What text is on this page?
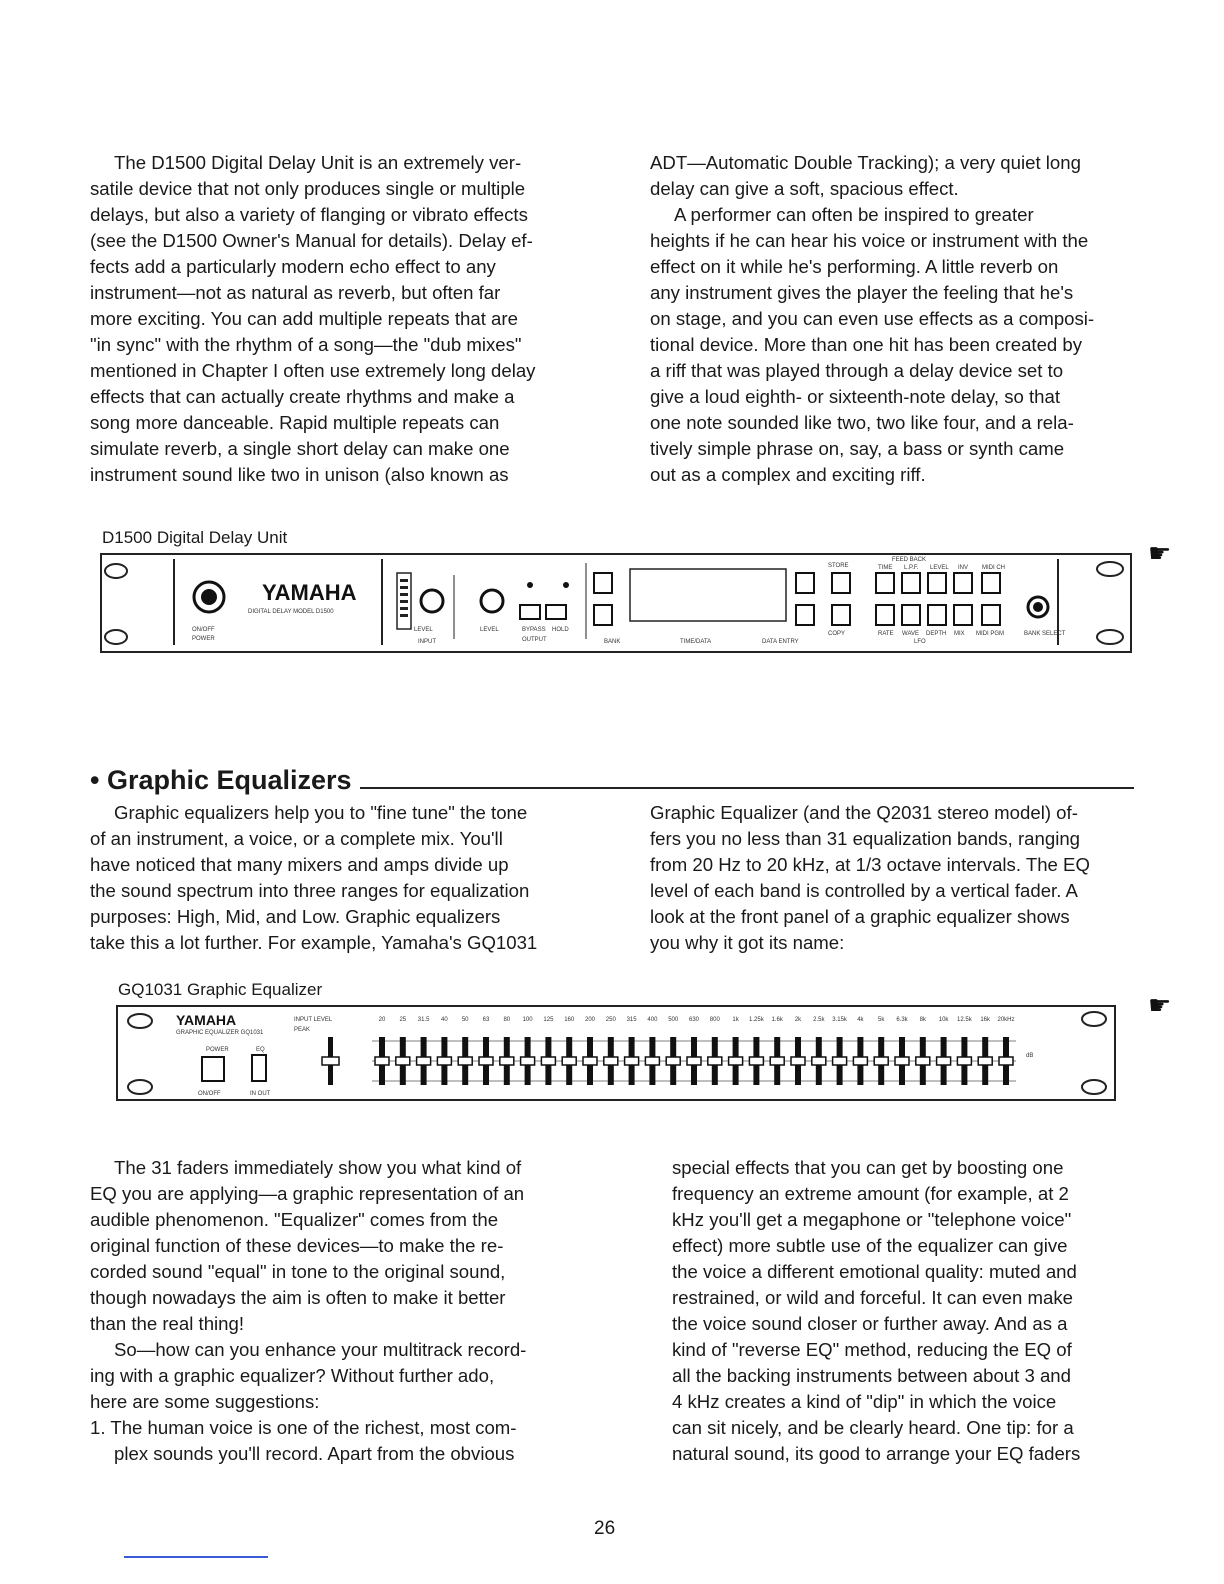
The D1500 Digital Delay Unit is an extremely ver-
satile device that not only produces single or multiple
delays, but also a variety of flanging or vibrato effects
(see the D1500 Owner's Manual for details). Delay ef-
fects add a particularly modern echo effect to any
instrument—not as natural as reverb, but often far
more exciting. You can add multiple repeats that are
"in sync" with the rhythm of a song—the "dub mixes"
mentioned in Chapter I often use extremely long delay
effects that can actually create rhythms and make a
song more danceable. Rapid multiple repeats can
simulate reverb, a single short delay can make one
instrument sound like two in unison (also known as

ADT—Automatic Double Tracking); a very quiet long
delay can give a soft, spacious effect.
A performer can often be inspired to greater
heights if he can hear his voice or instrument with the
effect on it while he's performing. A little reverb on
any instrument gives the player the feeling that he's
on stage, and you can even use effects as a composi-
tional device. More than one hit has been created by
a riff that was played through a delay device set to
give a loud eighth- or sixteenth-note delay, so that
one note sounded like two, two like four, and a rela-
tively simple phrase on, say, a bass or synth came
out as a complex and exciting riff.
D1500 Digital Delay Unit
YAMAHA
DIGITAL DELAY MODEL D1500
ON/OFF
POWER
LEVEL
INPUT
LEVEL	BYPASS HOLD
OUTPUT	BANK	TIME/DATA	DATA ENTRY
STORE
COPY
FEED BACK
TIME L.P.F. LEVEL INV MIDI CH
RATE WAVE DEPTH MIX MIDI PGM
LFO
BANK SELECT
• Graphic Equalizers
Graphic equalizers help you to "fine tune" the tone
of an instrument, a voice, or a complete mix. You'll
have noticed that many mixers and amps divide up
the sound spectrum into three ranges for equalization
purposes: High, Mid, and Low. Graphic equalizers
take this a lot further. For example, Yamaha's GQ1031
Graphic Equalizer (and the Q2031 stereo model) of-
fers you no less than 31 equalization bands, ranging
from 20 Hz to 20 kHz, at 1/3 octave intervals. The EQ
level of each band is controlled by a vertical fader. A
look at the front panel of a graphic equalizer shows
you why it got its name:
GQ1031 Graphic Equalizer
YAMAHA
GRAPHIC EQUALIZER GQ1031
POWER	EQ
ON/OFF	IN OUT
INPUT LEVEL
PEAK
dB
20 25 31.5 40 50 63 80 100 125 160 200 250 315 400 500 630 800 1k 1.25k 1.6k 2k 2.5k 3.15k 4k 5k 6.3k 8k 10k 12.5k 16k 20kHz
The 31 faders immediately show you what kind of
EQ you are applying—a graphic representation of an
audible phenomenon. "Equalizer" comes from the
original function of these devices—to make the re-
corded sound "equal" in tone to the original sound,
though nowadays the aim is often to make it better
than the real thing!
So—how can you enhance your multitrack record-
ing with a graphic equalizer? Without further ado,
here are some suggestions:
1. The human voice is one of the richest, most com-
plex sounds you'll record. Apart from the obvious
special effects that you can get by boosting one
frequency an extreme amount (for example, at 2
kHz you'll get a megaphone or "telephone voice"
effect) more subtle use of the equalizer can give
the voice a different emotional quality: muted and
restrained, or wild and forceful. It can even make
the voice sound closer or further away. And as a
kind of "reverse EQ" method, reducing the EQ of
all the backing instruments between about 3 and
4 kHz creates a kind of "dip" in which the voice
can sit nicely, and be clearly heard. One tip: for a
natural sound, its good to arrange your EQ faders
26
☛
☛
